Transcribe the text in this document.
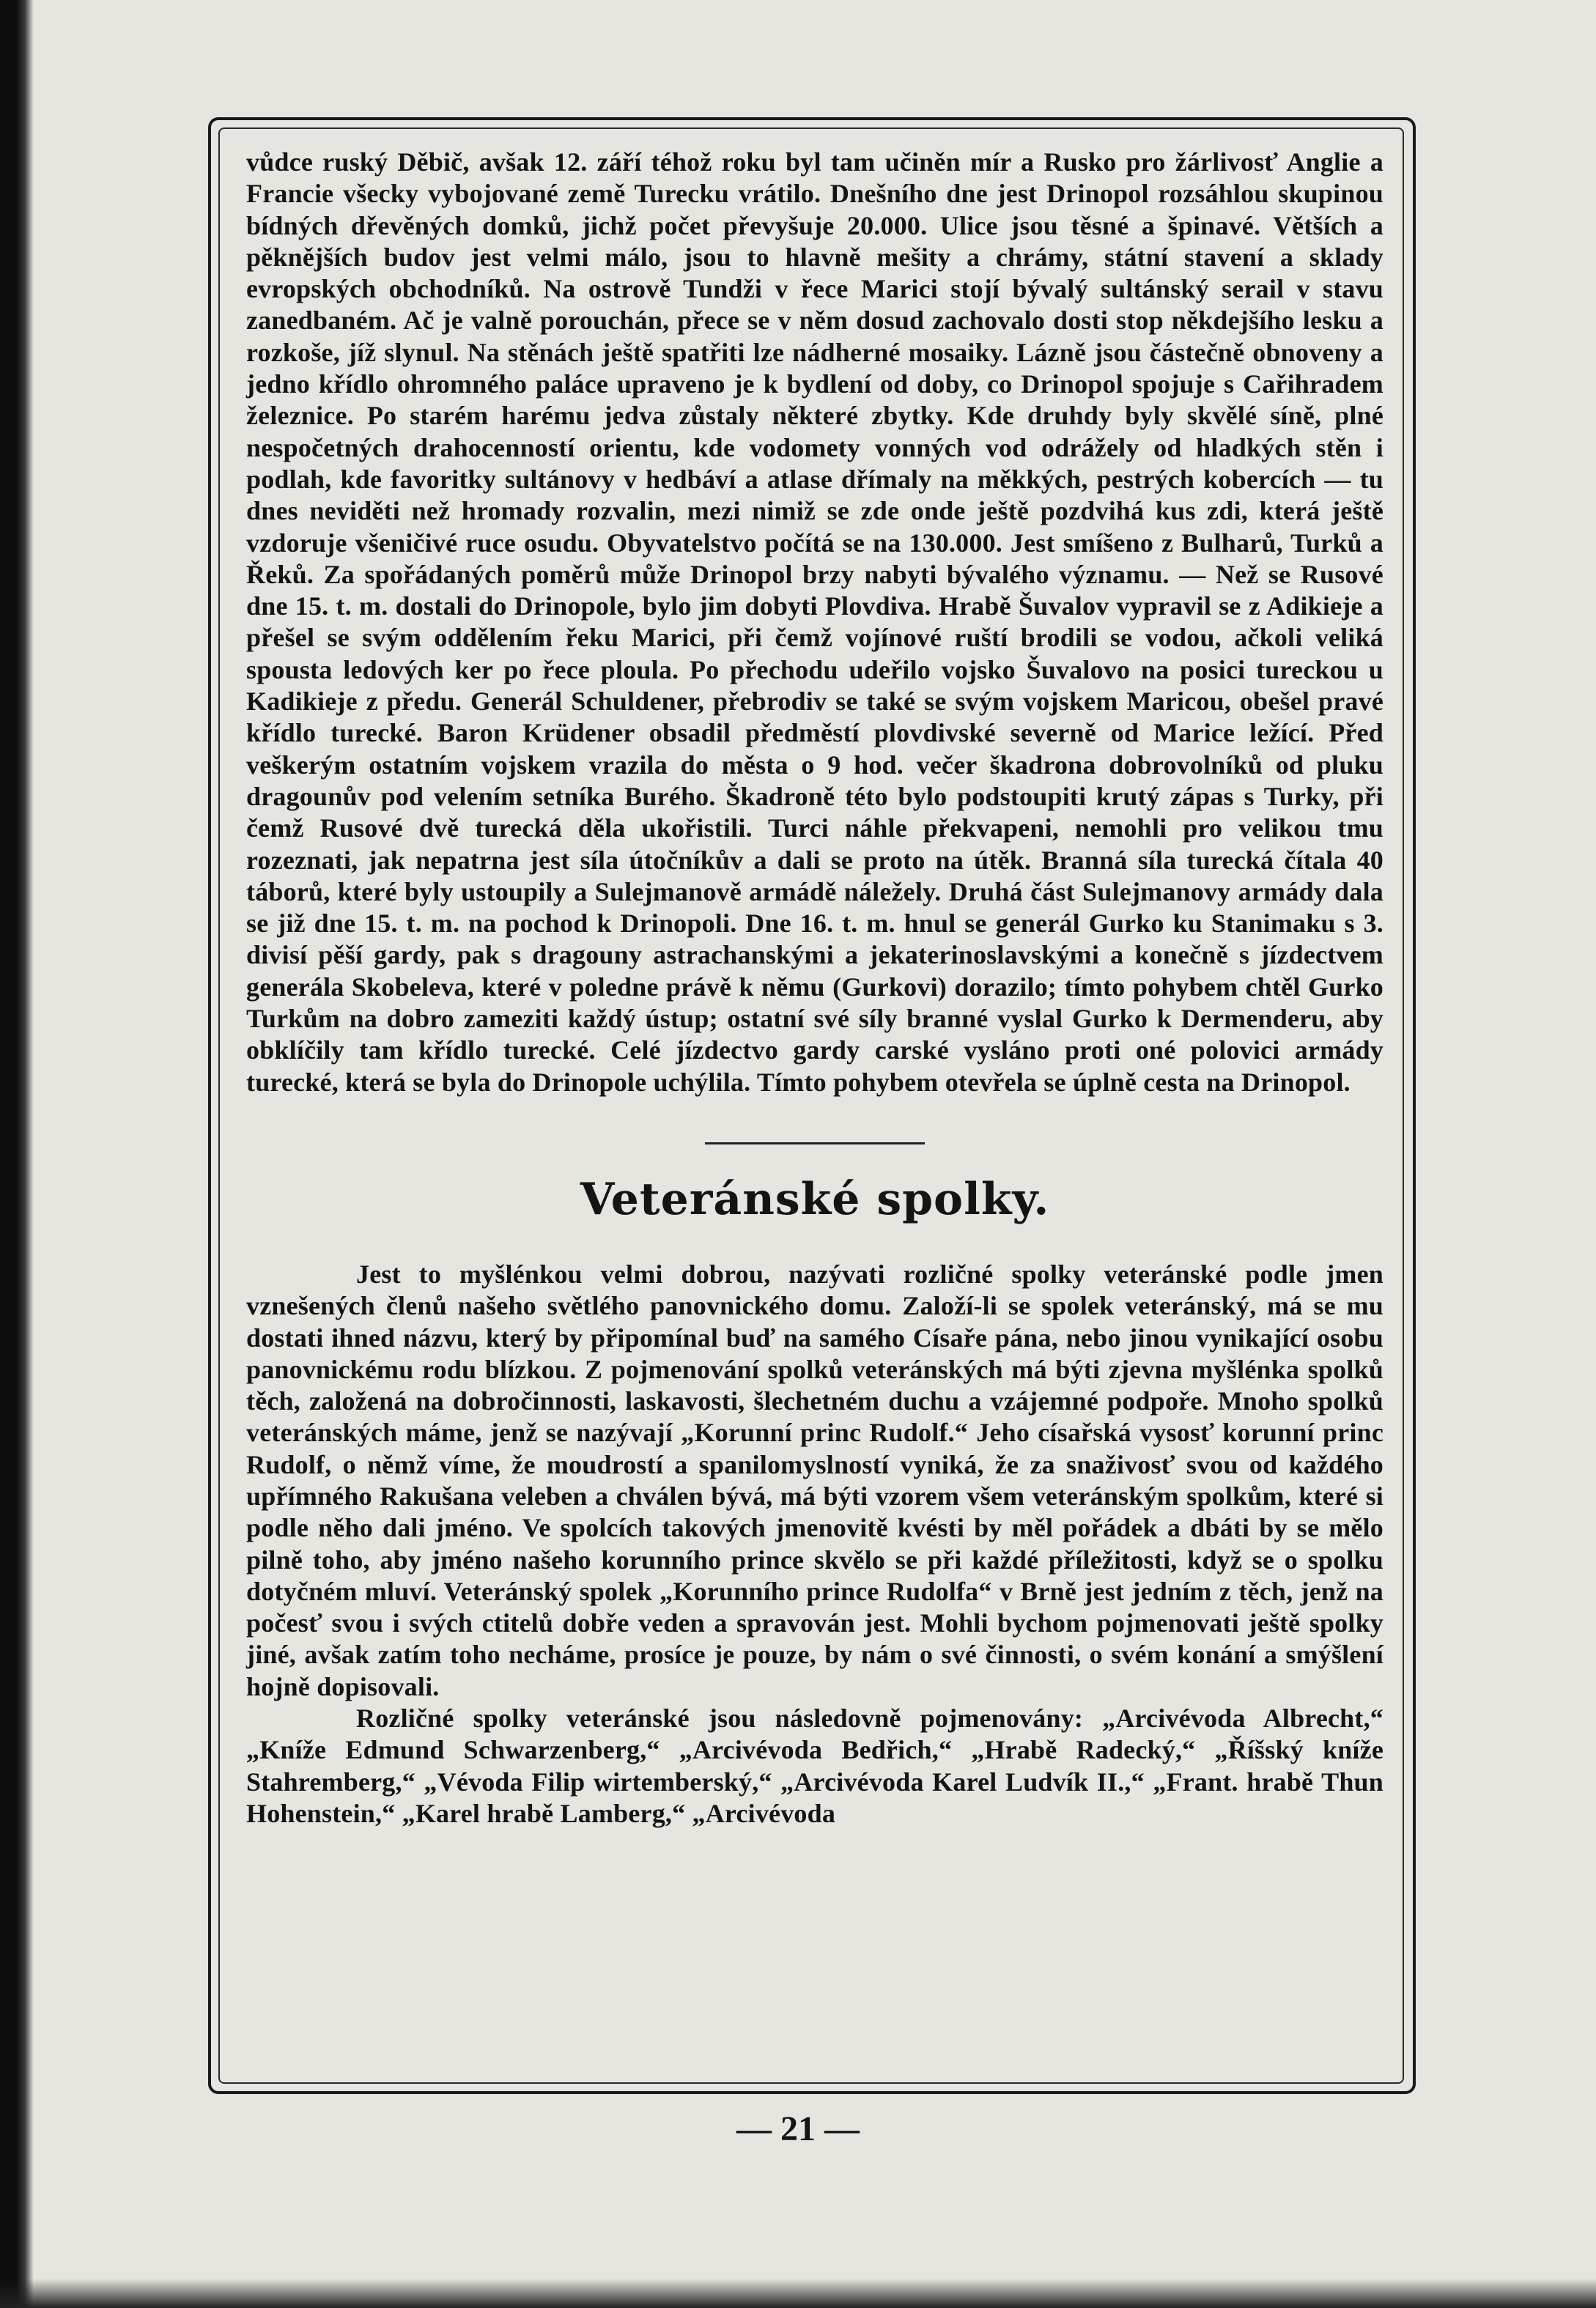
vůdce ruský Děbič, avšak 12. září téhož roku byl tam učiněn mír a Rusko pro žárlivosť Anglie a Francie všecky vybojované země Turecku vrátilo. Dnešního dne jest Drinopol rozsáhlou skupinou bídných dřevěných domků, jichž počet převyšuje 20.000. Ulice jsou těsné a špinavé. Větších a pěknějších budov jest velmi málo, jsou to hlavně mešity a chrámy, státní stavení a sklady evropských obchodníků. Na ostrově Tundži v řece Marici stojí bývalý sultánský serail v stavu zanedbaném. Ač je valně porouchán, přece se v něm dosud zachovalo dosti stop někdejšího lesku a rozkoše, jíž slynul. Na stěnách ještě spatřiti lze nádherné mosaiky. Lázně jsou částečně obnoveny a jedno křídlo ohromného paláce upraveno je k bydlení od doby, co Drinopol spojuje s Cařihradem železnice. Po starém harému jedva zůstaly některé zbytky. Kde druhdy byly skvělé síně, plné nespočetných drahocenností orientu, kde vodomety vonných vod odrážely od hladkých stěn i podlah, kde favoritky sultánovy v hedbáví a atlase dřímaly na měkkých, pestrých kobercích — tu dnes neviděti než hromady rozvalin, mezi nimiž se zde onde ještě pozdvihá kus zdi, která ještě vzdoruje všeničivé ruce osudu. Obyvatelstvo počítá se na 130.000. Jest smíšeno z Bulharů, Turků a Řeků. Za spořádaných poměrů může Drinopol brzy nabyti bývalého významu. — Než se Rusové dne 15. t. m. dostali do Drinopole, bylo jim dobyti Plovdiva. Hrabě Šuvalov vypravil se z Adikieje a přešel se svým oddělením řeku Marici, při čemž vojínové ruští brodili se vodou, ačkoli veliká spousta ledových ker po řece ploula. Po přechodu udeřilo vojsko Šuvalovo na posici tureckou u Kadikieje z předu. Generál Schuldener, přebrodiv se také se svým vojskem Maricou, obešel pravé křídlo turecké. Baron Krüdener obsadil předměstí plovdivské severně od Marice ležící. Před veškerým ostatním vojskem vrazila do města o 9 hod. večer škadrona dobrovolníků od pluku dragounův pod velením setníka Burého. Škadroně této bylo podstoupiti krutý zápas s Turky, při čemž Rusové dvě turecká děla ukořistili. Turci náhle překvapeni, nemohli pro velikou tmu rozeznati, jak nepatrna jest síla útočníkův a dali se proto na útěk. Branná síla turecká čítala 40 táborů, které byly ustoupily a Sulejmanově armádě náležely. Druhá část Sulejmanovy armády dala se již dne 15. t. m. na pochod k Drinopoli. Dne 16. t. m. hnul se generál Gurko ku Stanimaku s 3. divisí pěší gardy, pak s dragouny astrachanskými a jekaterinoslavskými a konečně s jízdectvem generála Skobeleva, které v poledne právě k němu (Gurkovi) dorazilo; tímto pohybem chtěl Gurko Turkům na dobro zameziti každý ústup; ostatní své síly branné vyslal Gurko k Dermenderu, aby obklíčily tam křídlo turecké. Celé jízdectvo gardy carské vysláno proti oné polovici armády turecké, která se byla do Drinopole uchýlila. Tímto pohybem otevřela se úplně cesta na Drinopol.

Veteránské spolky.

Jest to myšlénkou velmi dobrou, nazývati rozličné spolky veteránské podle jmen vznešených členů našeho světlého panovnického domu. Založí-li se spolek veteránský, má se mu dostati ihned názvu, který by připomínal buď na samého Císaře pána, nebo jinou vynikající osobu panovnickému rodu blízkou. Z pojmenování spolků veteránských má býti zjevna myšlénka spolků těch, založená na dobročinnosti, laskavosti, šlechetném duchu a vzájemné podpoře. Mnoho spolků veteránských máme, jenž se nazývají „Korunní princ Rudolf.“ Jeho císařská vysosť korunní princ Rudolf, o němž víme, že moudrostí a spanilomyslností vyniká, že za snaživosť svou od každého upřímného Rakušana veleben a chválen bývá, má býti vzorem všem veteránským spolkům, které si podle něho dali jméno. Ve spolcích takových jmenovitě kvésti by měl pořádek a dbáti by se mělo pilně toho, aby jméno našeho korunního prince skvělo se při každé příležitosti, když se o spolku dotyčném mluví. Veteránský spolek „Korunního prince Rudolfa“ v Brně jest jedním z těch, jenž na počesť svou i svých ctitelů dobře veden a spravován jest. Mohli bychom pojmenovati ještě spolky jiné, avšak zatím toho necháme, prosíce je pouze, by nám o své činnosti, o svém konání a smýšlení hojně dopisovali.

Rozličné spolky veteránské jsou následovně pojmenovány: „Arcivévoda Albrecht,“ „Kníže Edmund Schwarzenberg,“ „Arcivévoda Bedřich,“ „Hrabě Radecký,“ „Říšský kníže Stahremberg,“ „Vévoda Filip wirtemberský,“ „Arcivévoda Karel Ludvík II.,“ „Frant. hrabě Thun Hohenstein,“ „Karel hrabě Lamberg,“ „Arcivévoda

— 21 —
